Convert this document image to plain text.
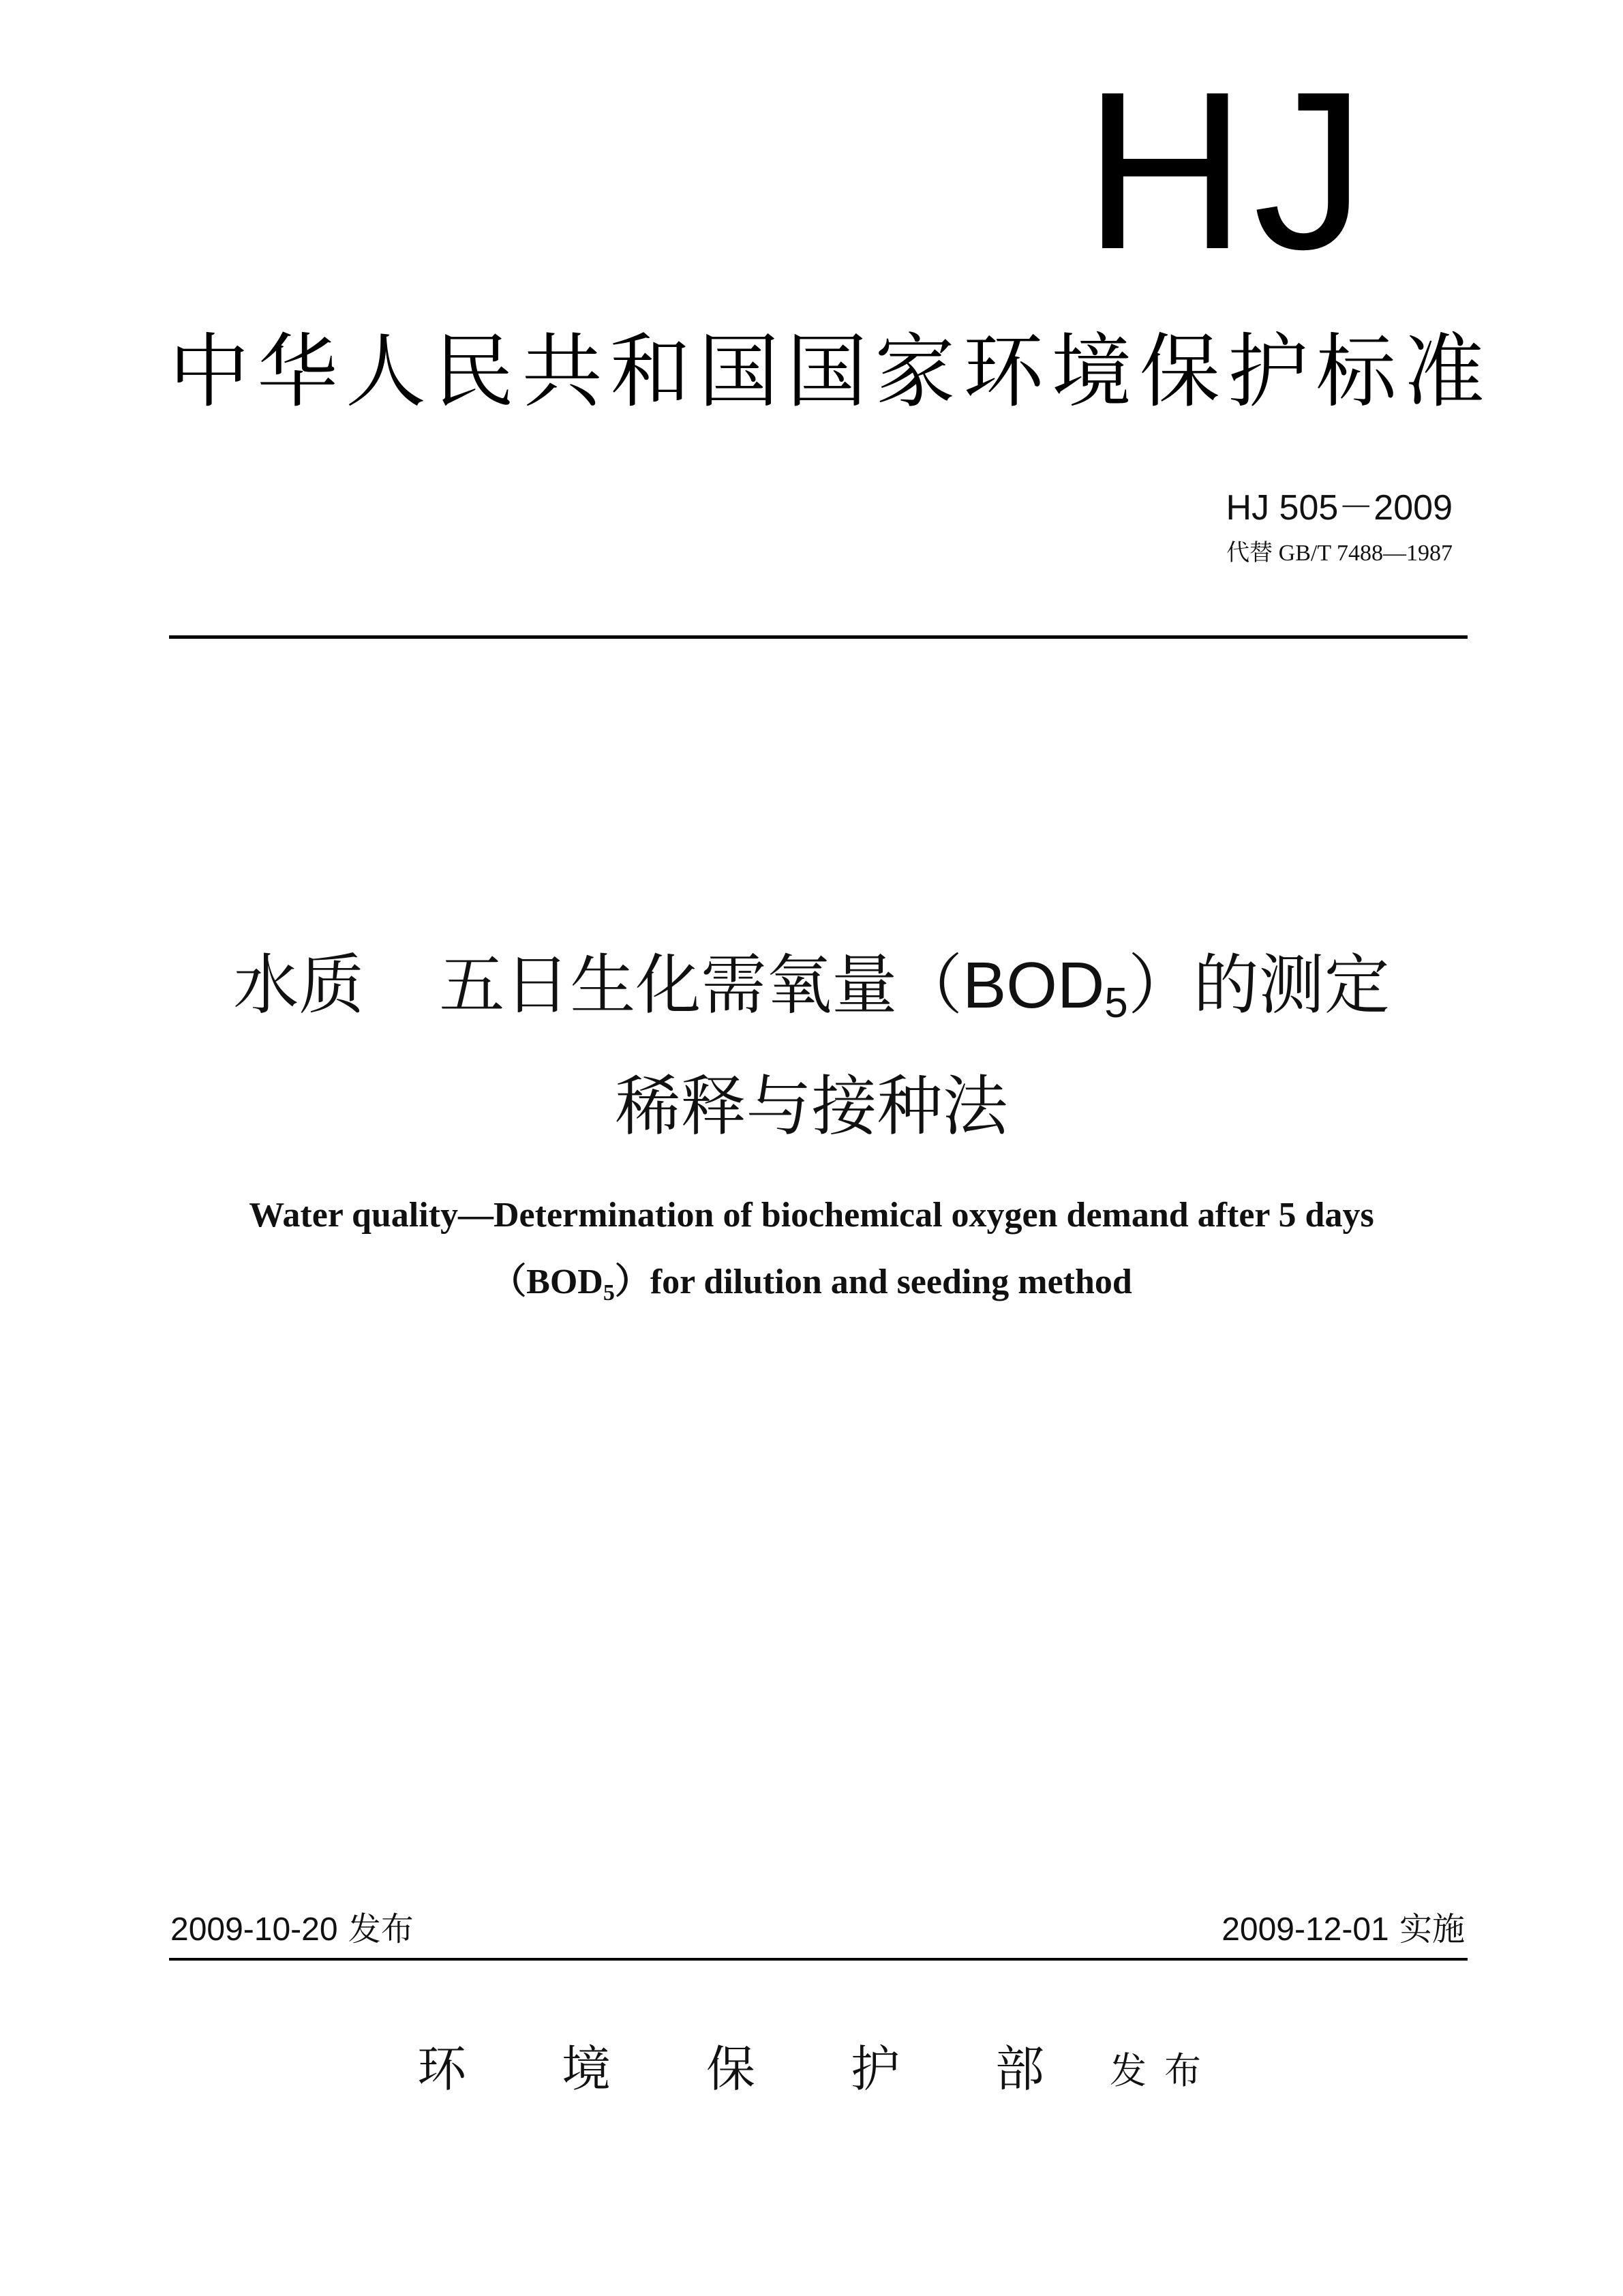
HJ
中华人民共和国国家环境保护标准
HJ 505－2009
代替 GB/T 7488—1987
水质 五日生化需氧量$(BOD_5)$的测定
稀释与接种法
Water quality—Determination of biochemical oxygen demand after 5 days
$(BOD_5)for$ dilution and seeding method
2009-10-20 发布	2009-12-01 实施
环境保护部
发布
